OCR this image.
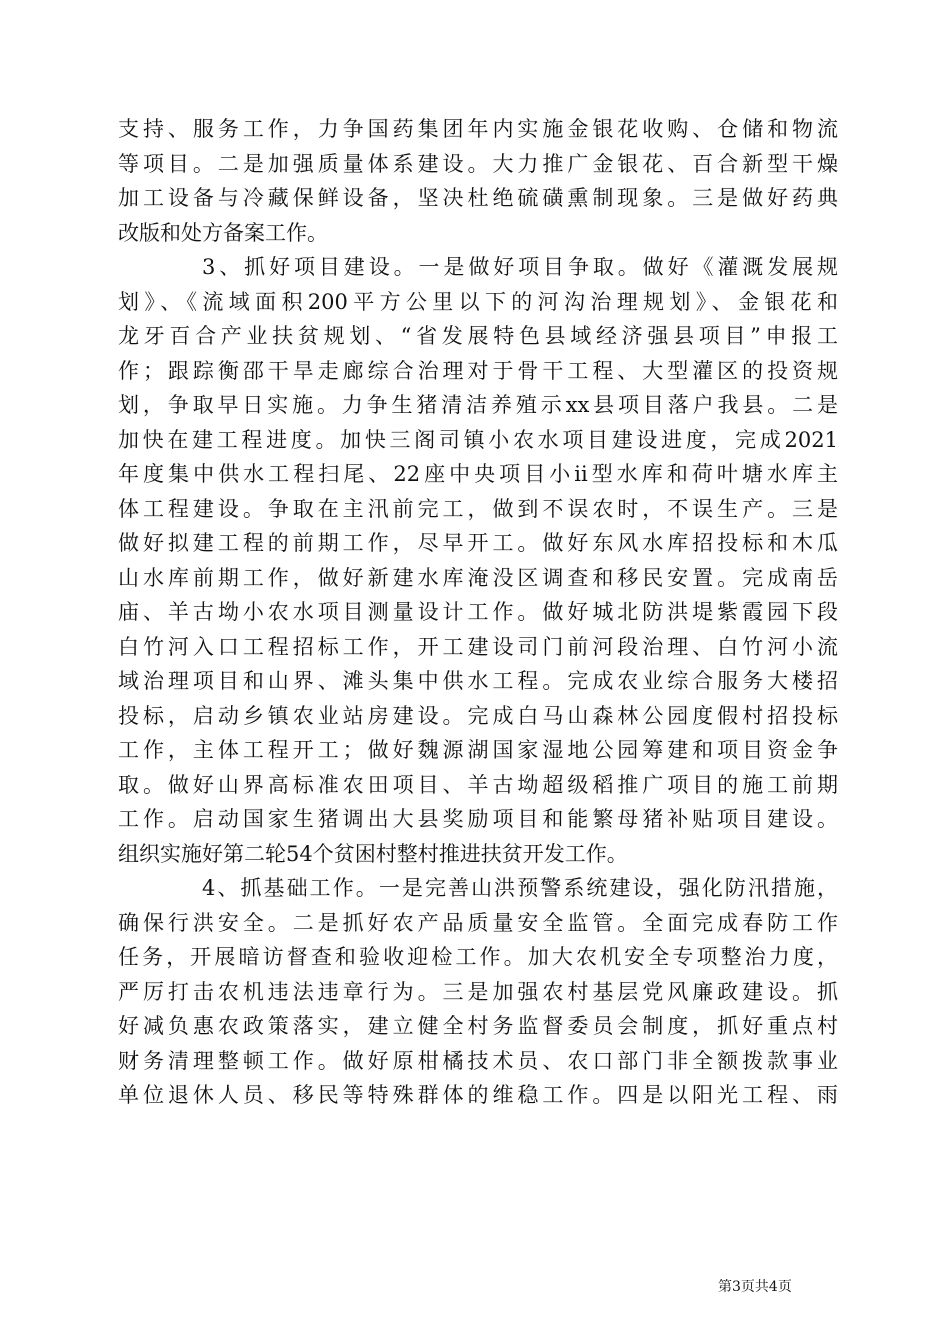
支持、服务工作，力争国药集团年内实施金银花收购、仓储和物流
等项目。二是加强质量体系建设。大力推广金银花、百合新型干燥
加工设备与冷藏保鲜设备，坚决杜绝硫磺熏制现象。三是做好药典
改版和处方备案工作。
3、抓好项目建设。一是做好项目争取。做好《灌溉发展规
划》、《流域面积200平方公里以下的河沟治理规划》、金银花和
龙牙百合产业扶贫规划、“省发展特色县域经济强县项目”申报工
作；跟踪衡邵干旱走廊综合治理对于骨干工程、大型灌区的投资规
划，争取早日实施。力争生猪清洁养殖示xx县项目落户我县。二是
加快在建工程进度。加快三阁司镇小农水项目建设进度，完成2021
年度集中供水工程扫尾、22座中央项目小ii型水库和荷叶塘水库主
体工程建设。争取在主汛前完工，做到不误农时，不误生产。三是
做好拟建工程的前期工作，尽早开工。做好东风水库招投标和木瓜
山水库前期工作，做好新建水库淹没区调查和移民安置。完成南岳
庙、羊古坳小农水项目测量设计工作。做好城北防洪堤紫霞园下段
白竹河入口工程招标工作，开工建设司门前河段治理、白竹河小流
域治理项目和山界、滩头集中供水工程。完成农业综合服务大楼招
投标，启动乡镇农业站房建设。完成白马山森林公园度假村招投标
工作，主体工程开工；做好魏源湖国家湿地公园筹建和项目资金争
取。做好山界高标准农田项目、羊古坳超级稻推广项目的施工前期
工作。启动国家生猪调出大县奖励项目和能繁母猪补贴项目建设。
组织实施好第二轮54个贫困村整村推进扶贫开发工作。
4、抓基础工作。一是完善山洪预警系统建设，强化防汛措施，
确保行洪安全。二是抓好农产品质量安全监管。全面完成春防工作
任务，开展暗访督查和验收迎检工作。加大农机安全专项整治力度，
严厉打击农机违法违章行为。三是加强农村基层党风廉政建设。抓
好减负惠农政策落实，建立健全村务监督委员会制度，抓好重点村
财务清理整顿工作。做好原柑橘技术员、农口部门非全额拨款事业
单位退休人员、移民等特殊群体的维稳工作。四是以阳光工程、雨
第3页共4页
